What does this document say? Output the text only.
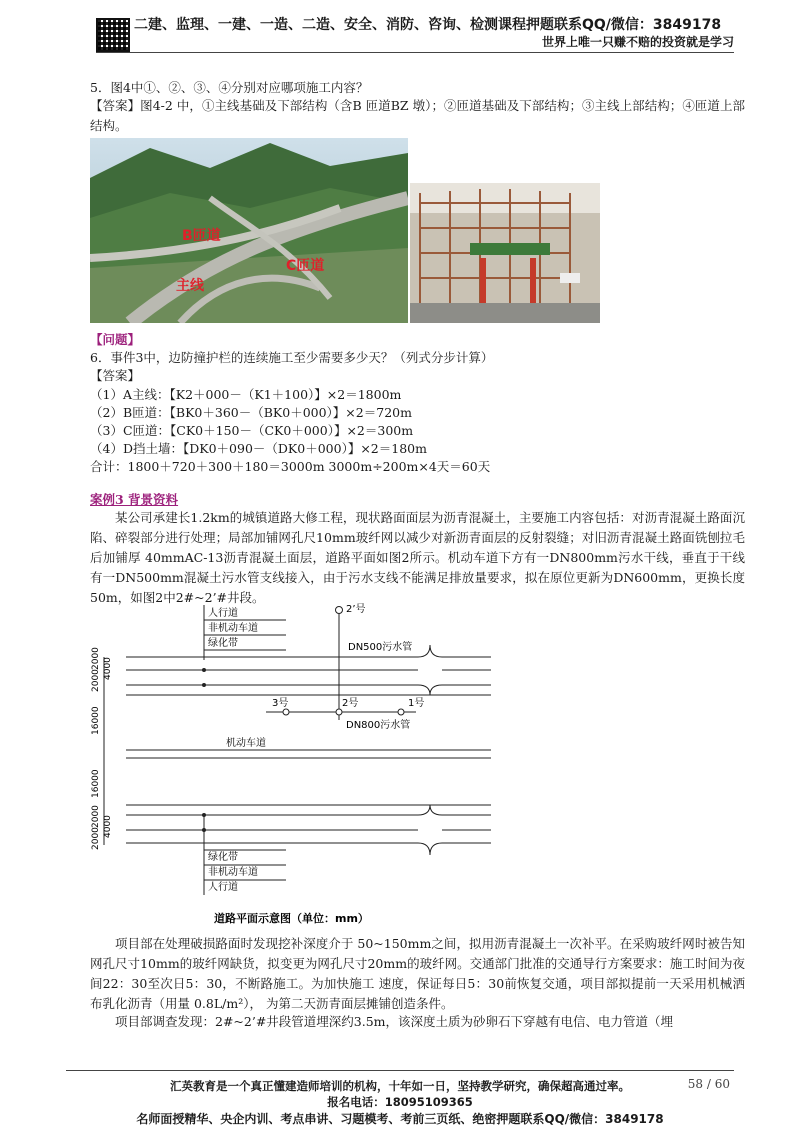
二建、监理、一建、一造、二造、安全、消防、咨询、检测课程押题联系QQ/微信：3849178
世界上唯一只赚不赔的投资就是学习
5．图4中①、②、③、④分别对应哪项施工内容？
【答案】图4-2 中，①主线基础及下部结构（含B 匝道BZ 墩）；②匝道基础及下部结构；③主线上部结构；④匝道上部结构。
B匝道
C匝道
主线
【问题】
6．事件3中，边防撞护栏的连续施工至少需要多少天？（列式分步计算）
【答案】
（1）A主线：【K2＋000－（K1＋100）】×2＝1800m
（2）B匝道：【BK0＋360－（BK0＋000）】×2＝720m
（3）C匝道：【CK0＋150－（CK0＋000）】×2＝300m
（4）D挡土墙：【DK0＋090－（DK0＋000）】×2＝180m
合计：1800＋720＋300＋180＝3000m 3000m÷200m×4天＝60天
案例3 背景资料
某公司承建长1.2km的城镇道路大修工程，现状路面面层为沥青混凝土，主要施工内容包括：对沥青混凝土路面沉陷、碎裂部分进行处理；局部加铺网孔尺10mm玻纤网以减少对新沥青面层的反射裂缝；对旧沥青混凝土路面铣刨拉毛后加铺厚 40mmAC-13沥青混凝土面层，道路平面如图2所示。机动车道下方有一DN800mm污水干线，垂直于干线有一DN500mm混凝土污水管支线接入，由于污水支线不能满足排放量要求，拟在原位更新为DN600mm，更换长度 50m，如图2中2#~2’#井段。
人行道
非机动车道
绿化带
2’号
DN500污水管
3号	2号	1号
DN800污水管
机动车道
绿化带
非机动车道
人行道
2000
2000
4000
16000
16000
2000
2000
4000
道路平面示意图（单位：mm）
项目部在处理破损路面时发现挖补深度介于 50~150mm之间，拟用沥青混凝土一次补平。在采购玻纤网时被告知网孔尺寸10mm的玻纤网缺货，拟变更为网孔尺寸20mm的玻纤网。交通部门批准的交通导行方案要求：施工时间为夜间22：30至次日5：30，不断路施工。为加快施工 速度，保证每日5：30前恢复交通，项目部拟提前一天采用机械洒布乳化沥青（用量 0.8L/m²）， 为第二天沥青面层摊铺创造条件。
项目部调查发现：2#~2’#井段管道埋深约3.5m，该深度土质为砂卵石下穿越有电信、电力管道（埋
汇英教育是一个真正懂建造师培训的机构，十年如一日，坚持教学研究，确保超高通过率。	58 / 60
报名电话：18095109365
名师面授精华、央企内训、考点串讲、习题模考、考前三页纸、绝密押题联系QQ/微信：3849178
